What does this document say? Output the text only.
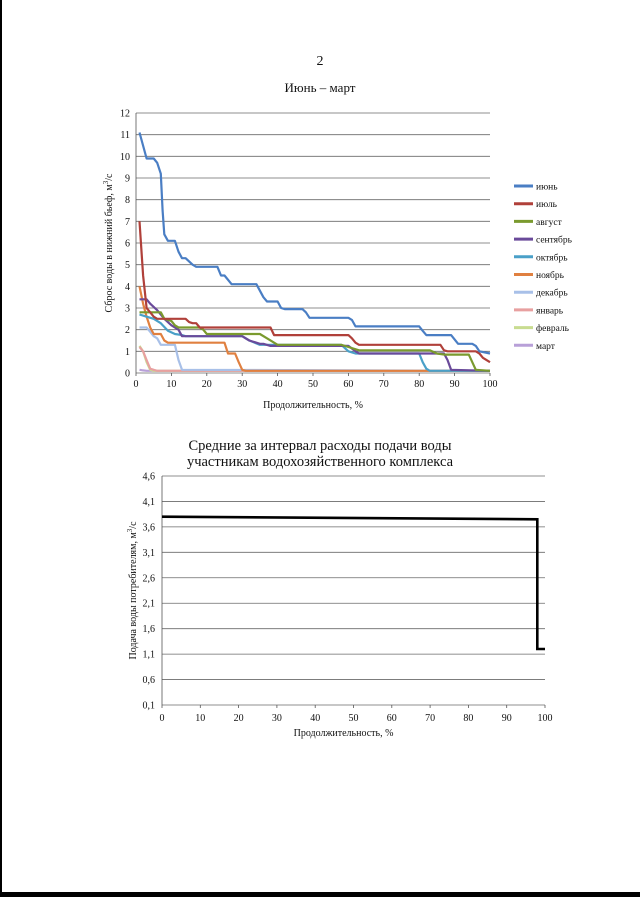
2
Июнь – март
Средние за интервал расходы подачи воды
участникам водохозяйственного комплекса
0
1
2
3
4
5
6
7
8
9
10
11
12
0	10	20	30	40	50	60	70	80	90 100
Продолжительность, %
Сброс воды в нижний бьеф, $м^3/с$
июнь
июль
август
сентябрь
октябрь
ноябрь
декабрь
январь
февраль
март
0,1
0,6
1,1
1,6
2,1
2,6
3,1
3,6
4,1
4,6
0	10	20	30	40	50	60	70	80	90	100
Продолжительность, %
Подача воды потребителям, $м^3/с$
